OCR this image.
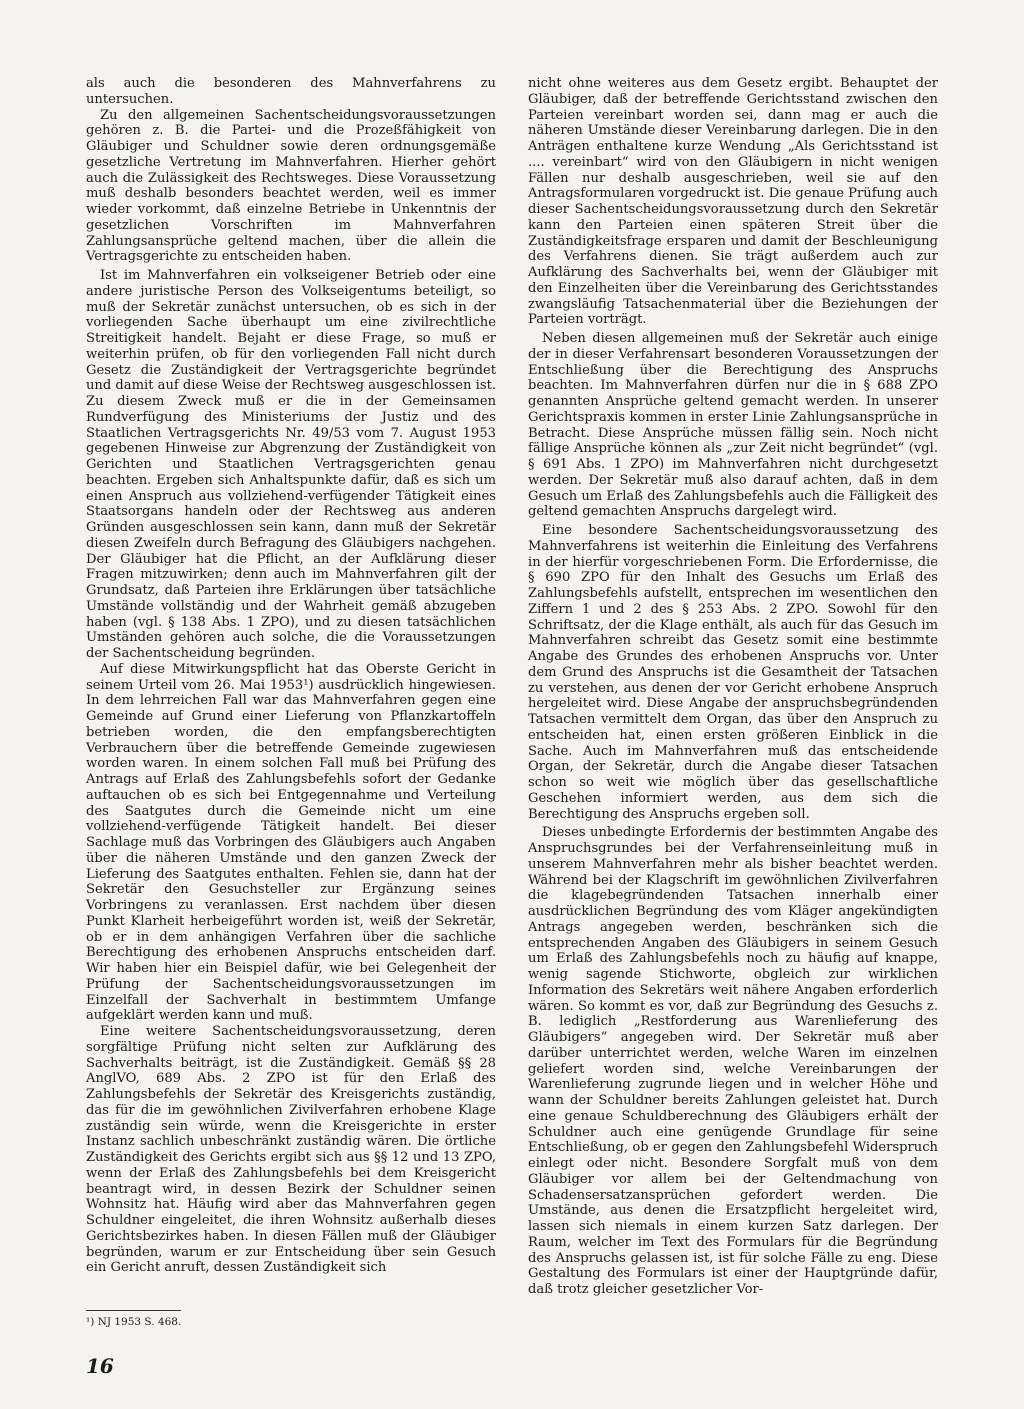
als auch die besonderen des Mahnverfahrens zu untersuchen.

Zu den allgemeinen Sachentscheidungsvoraussetzungen gehören z. B. die Partei- und die Prozeßfähigkeit von Gläubiger und Schuldner sowie deren ordnungsgemäße gesetzliche Vertretung im Mahnverfahren. Hierher gehört auch die Zulässigkeit des Rechtsweges. Diese Voraussetzung muß deshalb besonders beachtet werden, weil es immer wieder vorkommt, daß einzelne Betriebe in Unkenntnis der gesetzlichen Vorschriften im Mahnverfahren Zahlungsansprüche geltend machen, über die allein die Vertragsgerichte zu entscheiden haben.

Ist im Mahnverfahren ein volkseigener Betrieb oder eine andere juristische Person des Volkseigentums beteiligt, so muß der Sekretär zunächst untersuchen, ob es sich in der vorliegenden Sache überhaupt um eine zivilrechtliche Streitigkeit handelt. Bejaht er diese Frage, so muß er weiterhin prüfen, ob für den vorliegenden Fall nicht durch Gesetz die Zuständigkeit der Vertragsgerichte begründet und damit auf diese Weise der Rechtsweg ausgeschlossen ist. Zu diesem Zweck muß er die in der Gemeinsamen Rundverfügung des Ministeriums der Justiz und des Staatlichen Vertragsgerichts Nr. 49/53 vom 7. August 1953 gegebenen Hinweise zur Abgrenzung der Zuständigkeit von Gerichten und Staatlichen Vertragsgerichten genau beachten. Ergeben sich Anhaltspunkte dafür, daß es sich um einen Anspruch aus vollziehend-verfügender Tätigkeit eines Staatsorgans handeln oder der Rechtsweg aus anderen Gründen ausgeschlossen sein kann, dann muß der Sekretär diesen Zweifeln durch Befragung des Gläubigers nachgehen. Der Gläubiger hat die Pflicht, an der Aufklärung dieser Fragen mitzuwirken; denn auch im Mahnverfahren gilt der Grundsatz, daß Parteien ihre Erklärungen über tatsächliche Umstände vollständig und der Wahrheit gemäß abzugeben haben (vgl. § 138 Abs. 1 ZPO), und zu diesen tatsächlichen Umständen gehören auch solche, die die Voraussetzungen der Sachentscheidung begründen.

Auf diese Mitwirkungspflicht hat das Oberste Gericht in seinem Urteil vom 26. Mai 1953¹) ausdrücklich hingewiesen. In dem lehrreichen Fall war das Mahnverfahren gegen eine Gemeinde auf Grund einer Lieferung von Pflanzkartoffeln betrieben worden, die den empfangsberechtigten Verbrauchern über die betreffende Gemeinde zugewiesen worden waren. In einem solchen Fall muß bei Prüfung des Antrags auf Erlaß des Zahlungsbefehls sofort der Gedanke auftauchen ob es sich bei Entgegennahme und Verteilung des Saatgutes durch die Gemeinde nicht um eine vollziehend-verfügende Tätigkeit handelt. Bei dieser Sachlage muß das Vorbringen des Gläubigers auch Angaben über die näheren Umstände und den ganzen Zweck der Lieferung des Saatgutes enthalten. Fehlen sie, dann hat der Sekretär den Gesuchsteller zur Ergänzung seines Vorbringens zu veranlassen. Erst nachdem über diesen Punkt Klarheit herbeigeführt worden ist, weiß der Sekretär, ob er in dem anhängigen Verfahren über die sachliche Berechtigung des erhobenen Anspruchs entscheiden darf. Wir haben hier ein Beispiel dafür, wie bei Gelegenheit der Prüfung der Sachentscheidungsvoraussetzungen im Einzelfall der Sachverhalt in bestimmtem Umfange aufgeklärt werden kann und muß.

Eine weitere Sachentscheidungsvoraussetzung, deren sorgfältige Prüfung nicht selten zur Aufklärung des Sachverhalts beiträgt, ist die Zuständigkeit. Gemäß §§ 28 AnglVO, 689 Abs. 2 ZPO ist für den Erlaß des Zahlungsbefehls der Sekretär des Kreisgerichts zuständig, das für die im gewöhnlichen Zivilverfahren erhobene Klage zuständig sein würde, wenn die Kreisgerichte in erster Instanz sachlich unbeschränkt zuständig wären. Die örtliche Zuständigkeit des Gerichts ergibt sich aus §§ 12 und 13 ZPO, wenn der Erlaß des Zahlungsbefehls bei dem Kreisgericht beantragt wird, in dessen Bezirk der Schuldner seinen Wohnsitz hat. Häufig wird aber das Mahnverfahren gegen Schuldner eingeleitet, die ihren Wohnsitz außerhalb dieses Gerichtsbezirkes haben. In diesen Fällen muß der Gläubiger begründen, warum er zur Entscheidung über sein Gesuch ein Gericht anruft, dessen Zuständigkeit sich

nicht ohne weiteres aus dem Gesetz ergibt. Behauptet der Gläubiger, daß der betreffende Gerichtsstand zwischen den Parteien vereinbart worden sei, dann mag er auch die näheren Umstände dieser Vereinbarung darlegen. Die in den Anträgen enthaltene kurze Wendung „Als Gerichtsstand ist .... vereinbart“ wird von den Gläubigern in nicht wenigen Fällen nur deshalb ausgeschrieben, weil sie auf den Antragsformularen vorgedruckt ist. Die genaue Prüfung auch dieser Sachentscheidungsvoraussetzung durch den Sekretär kann den Parteien einen späteren Streit über die Zuständigkeitsfrage ersparen und damit der Beschleunigung des Verfahrens dienen. Sie trägt außerdem auch zur Aufklärung des Sachverhalts bei, wenn der Gläubiger mit den Einzelheiten über die Vereinbarung des Gerichtsstandes zwangsläufig Tatsachenmaterial über die Beziehungen der Parteien vorträgt.

Neben diesen allgemeinen muß der Sekretär auch einige der in dieser Verfahrensart besonderen Voraussetzungen der Entschließung über die Berechtigung des Anspruchs beachten. Im Mahnverfahren dürfen nur die in § 688 ZPO genannten Ansprüche geltend gemacht werden. In unserer Gerichtspraxis kommen in erster Linie Zahlungsansprüche in Betracht. Diese Ansprüche müssen fällig sein. Noch nicht fällige Ansprüche können als „zur Zeit nicht begründet“ (vgl. § 691 Abs. 1 ZPO) im Mahnverfahren nicht durchgesetzt werden. Der Sekretär muß also darauf achten, daß in dem Gesuch um Erlaß des Zahlungsbefehls auch die Fälligkeit des geltend gemachten Anspruchs dargelegt wird.

Eine besondere Sachentscheidungsvoraussetzung des Mahnverfahrens ist weiterhin die Einleitung des Verfahrens in der hierfür vorgeschriebenen Form. Die Erfordernisse, die § 690 ZPO für den Inhalt des Gesuchs um Erlaß des Zahlungsbefehls aufstellt, entsprechen im wesentlichen den Ziffern 1 und 2 des § 253 Abs. 2 ZPO. Sowohl für den Schriftsatz, der die Klage enthält, als auch für das Gesuch im Mahnverfahren schreibt das Gesetz somit eine bestimmte Angabe des Grundes des erhobenen Anspruchs vor. Unter dem Grund des Anspruchs ist die Gesamtheit der Tatsachen zu verstehen, aus denen der vor Gericht erhobene Anspruch hergeleitet wird. Diese Angabe der anspruchsbegründenden Tatsachen vermittelt dem Organ, das über den Anspruch zu entscheiden hat, einen ersten größeren Einblick in die Sache. Auch im Mahnverfahren muß das entscheidende Organ, der Sekretär, durch die Angabe dieser Tatsachen schon so weit wie möglich über das gesellschaftliche Geschehen informiert werden, aus dem sich die Berechtigung des Anspruchs ergeben soll.

Dieses unbedingte Erfordernis der bestimmten Angabe des Anspruchsgrundes bei der Verfahrenseinleitung muß in unserem Mahnverfahren mehr als bisher beachtet werden. Während bei der Klagschrift im gewöhnlichen Zivilverfahren die klagebegründenden Tatsachen innerhalb einer ausdrücklichen Begründung des vom Kläger angekündigten Antrags angegeben werden, beschränken sich die entsprechenden Angaben des Gläubigers in seinem Gesuch um Erlaß des Zahlungsbefehls noch zu häufig auf knappe, wenig sagende Stichworte, obgleich zur wirklichen Information des Sekretärs weit nähere Angaben erforderlich wären. So kommt es vor, daß zur Begründung des Gesuchs z. B. lediglich „Restforderung aus Warenlieferung des Gläubigers“ angegeben wird. Der Sekretär muß aber darüber unterrichtet werden, welche Waren im einzelnen geliefert worden sind, welche Vereinbarungen der Warenlieferung zugrunde liegen und in welcher Höhe und wann der Schuldner bereits Zahlungen geleistet hat. Durch eine genaue Schuldberechnung des Gläubigers erhält der Schuldner auch eine genügende Grundlage für seine Entschließung, ob er gegen den Zahlungsbefehl Widerspruch einlegt oder nicht. Besondere Sorgfalt muß von dem Gläubiger vor allem bei der Geltendmachung von Schadensersatzansprüchen gefordert werden. Die Umstände, aus denen die Ersatzpflicht hergeleitet wird, lassen sich niemals in einem kurzen Satz darlegen. Der Raum, welcher im Text des Formulars für die Begründung des Anspruchs gelassen ist, ist für solche Fälle zu eng. Diese Gestaltung des Formulars ist einer der Hauptgründe dafür, daß trotz gleicher gesetzlicher Vor-

¹) NJ 1953 S. 468.
16
